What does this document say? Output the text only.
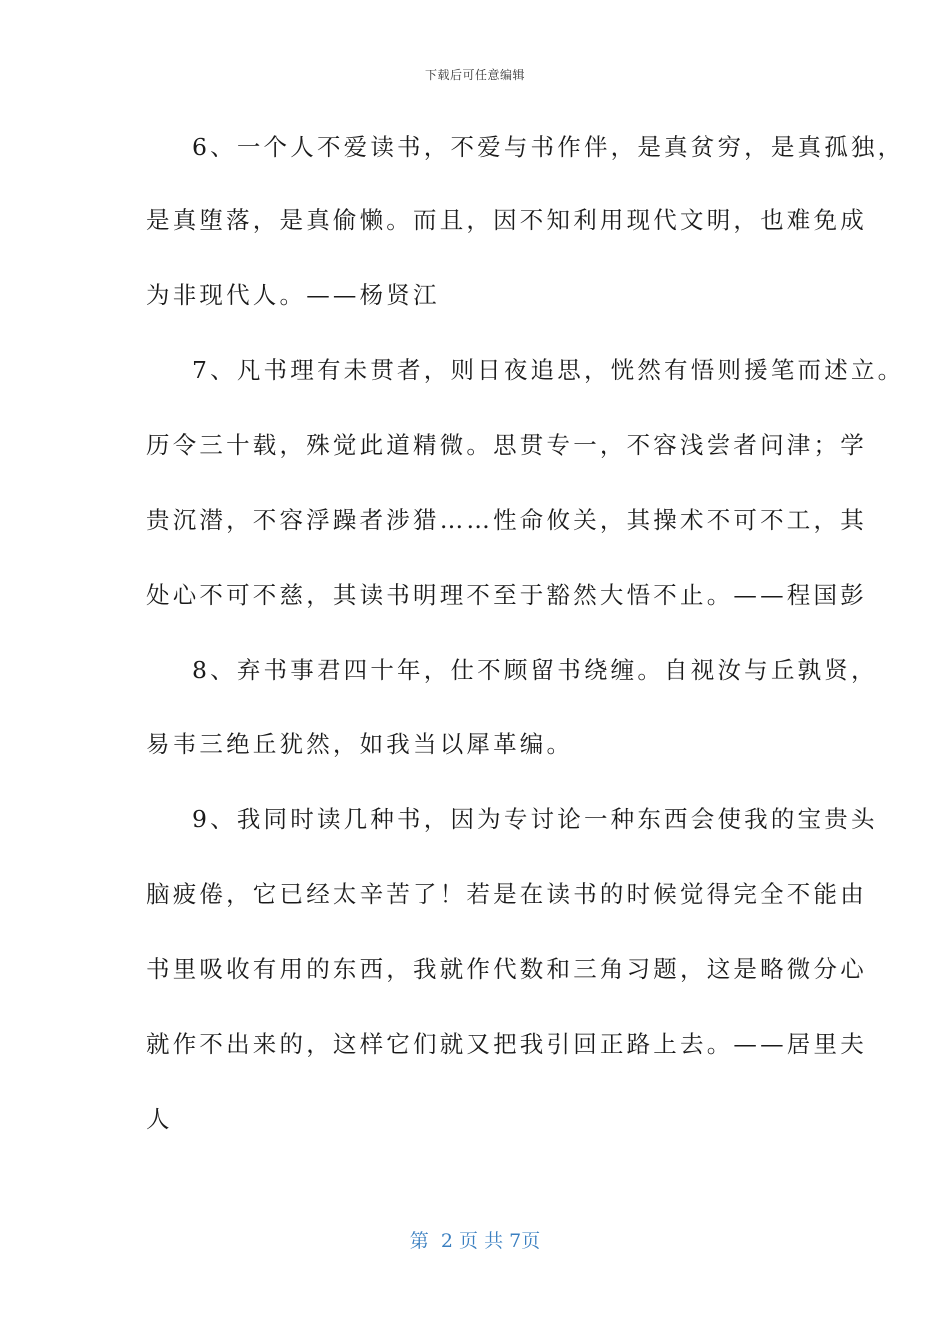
下载后可任意编辑
6、一个人不爱读书，不爱与书作伴，是真贫穷，是真孤独，
是真堕落，是真偷懒。而且，因不知利用现代文明，也难免成
为非现代人。——杨贤江
7、凡书理有未贯者，则日夜追思，恍然有悟则援笔而述立。
历令三十载，殊觉此道精微。思贯专一，不容浅尝者问津；学
贵沉潜，不容浮躁者涉猎……性命攸关，其操术不可不工，其
处心不可不慈，其读书明理不至于豁然大悟不止。——程国彭
8、弃书事君四十年，仕不顾留书绕缠。自视汝与丘孰贤，
易韦三绝丘犹然，如我当以犀革编。
9、我同时读几种书，因为专讨论一种东西会使我的宝贵头
脑疲倦，它已经太辛苦了！若是在读书的时候觉得完全不能由
书里吸收有用的东西，我就作代数和三角习题，这是略微分心
就作不出来的，这样它们就又把我引回正路上去。——居里夫
人
第 2 页 共 7页
